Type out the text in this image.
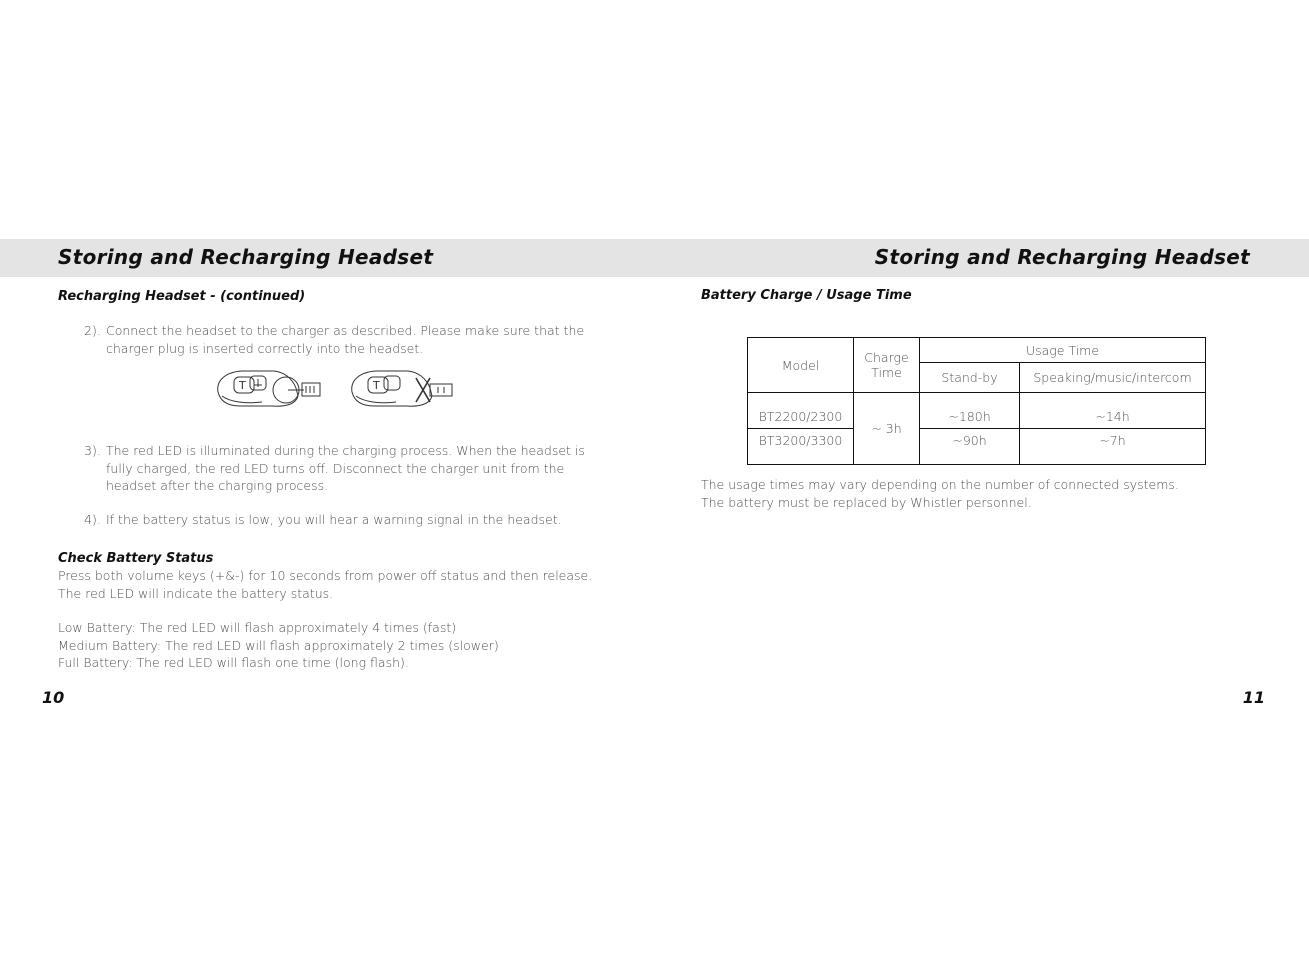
Storing and Recharging Headset	Storing and Recharging Headset
Recharging Headset - (continued)
2). Connect the headset to the charger as described. Please make sure that the charger plug is inserted correctly into the headset.
T	T
3). The red LED is illuminated during the charging process. When the headset is fully charged, the red LED turns off. Disconnect the charger unit from the headset after the charging process.
4). If the battery status is low, you will hear a warning signal in the headset.
Check Battery Status
Press both volume keys (+&-) for 10 seconds from power off status and then release. The red LED will indicate the battery status.
Low Battery: The red LED will flash approximately 4 times (fast)
Medium Battery: The red LED will flash approximately 2 times (slower)
Full Battery: The red LED will flash one time (long flash).
10
Battery Charge / Usage Time
Model	Charge Time	Usage Time	
		Stand-by	Speaking/music/intercom
BT2200/2300	~ 3h	~180h	~14h
BT3200/3300		~90h	~7h
The usage times may vary depending on the number of connected systems.
The battery must be replaced by Whistler personnel.
11
